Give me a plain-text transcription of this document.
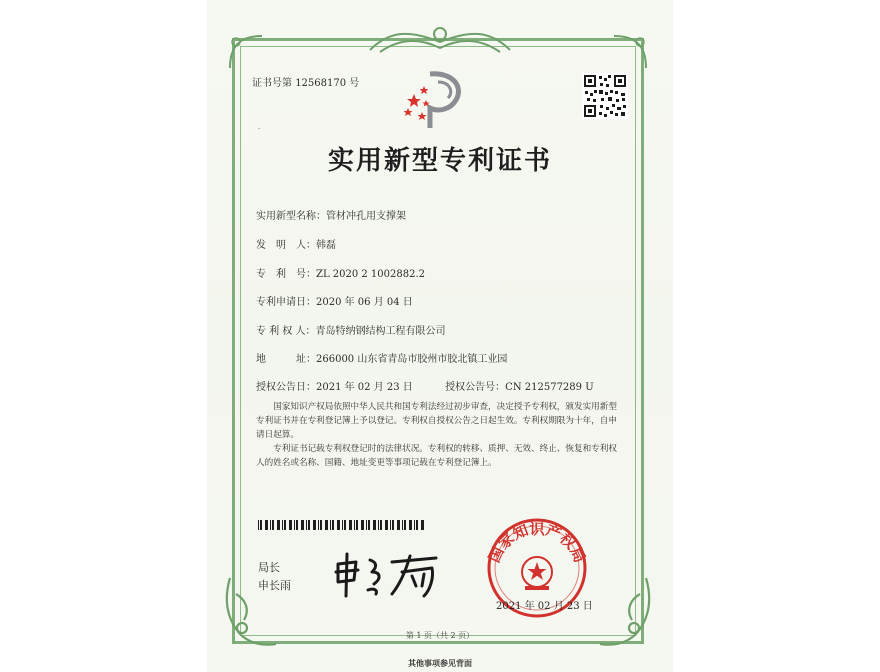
证书号第 12568170 号
·
实用新型专利证书
实用新型名称：管材冲孔用支撑架
发　明　人：韩磊
专　利　号：ZL 2020 2 1002882.2
专利申请日：2020 年 06 月 04 日
专 利 权 人：青岛特纳钢结构工程有限公司
地　　　址：266000 山东省青岛市胶州市胶北镇工业园
授权公告日：2021 年 02 月 23 日	授权公告号：CN 212577289 U

国家知识产权局依照中华人民共和国专利法经过初步审查，决定授予专利权，颁发实用新型专利证书并在专利登记簿上予以登记。专利权自授权公告之日起生效。专利权期限为十年，自申请日起算。

专利证书记载专利权登记时的法律状况。专利权的转移、质押、无效、终止、恢复和专利权人的姓名或名称、国籍、地址变更等事项记载在专利登记簿上。

局长
申长雨
国家知识产权局
2021 年 02 月 23 日
第 1 页（共 2 页）
其他事项参见背面
